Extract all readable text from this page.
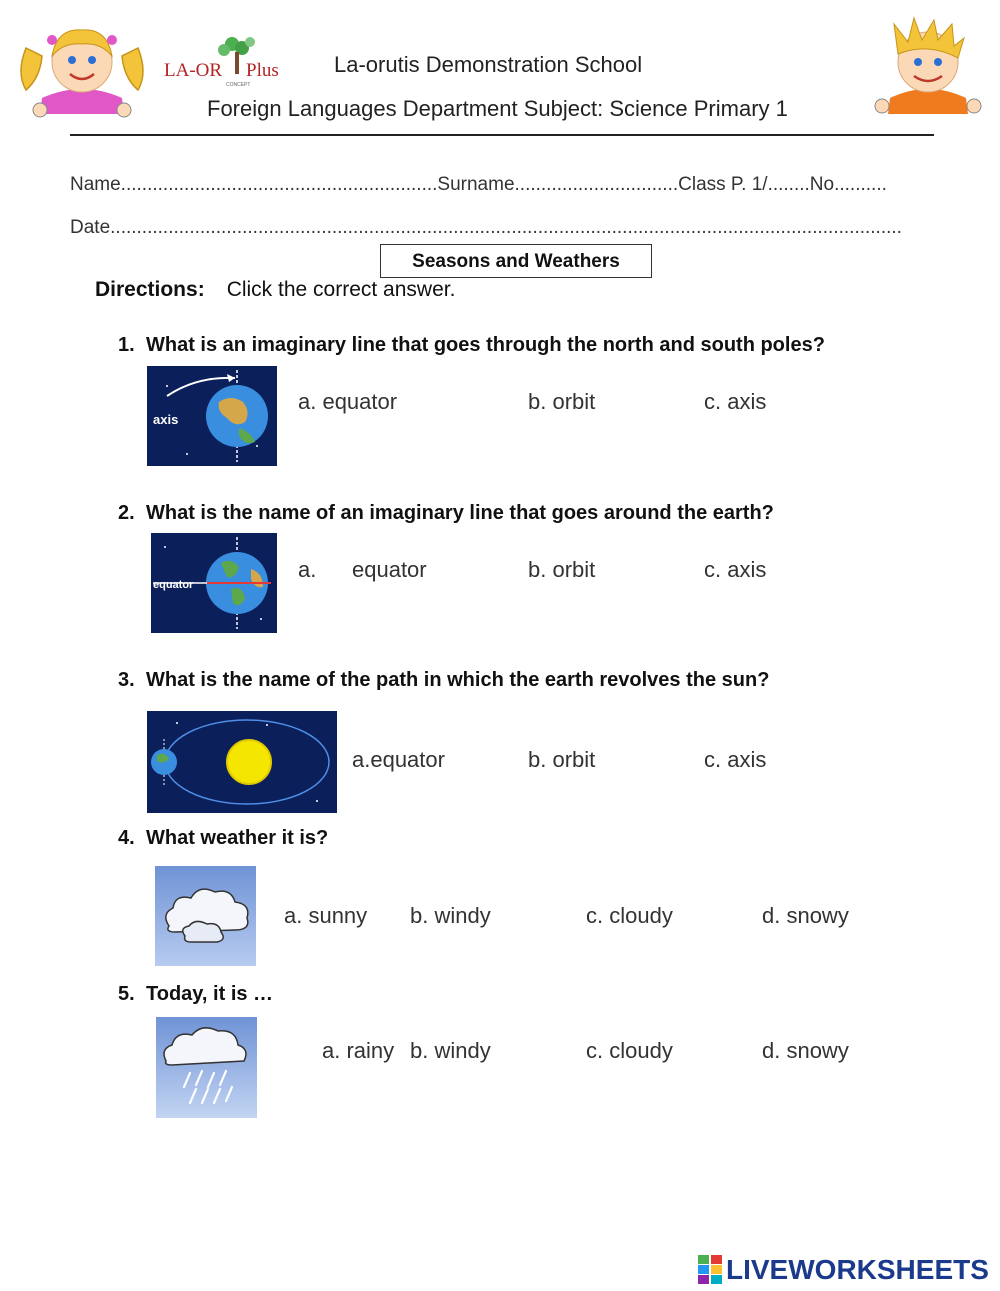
LA-OR Plus
CONCEPT
La-orutis Demonstration School
Foreign Languages Department Subject: Science Primary 1
Name............................................................Surname...............................Class P. 1/........No..........
Date......................................................................................................................................................
Seasons and Weathers
Directions: Click the correct answer.
1. What is an imaginary line that goes through the north and south poles?
axis
a. equator	b. orbit	c. axis
2. What is the name of an imaginary line that goes around the earth?
equator
a. equator	b. orbit	c. axis
3. What is the name of the path in which the earth revolves the sun?
a.equator	b. orbit	c. axis
4. What weather it is?
a. sunny b. windy	c. cloudy	d. snowy
5. Today, it is …
a. rainy b. windy	c. cloudy	d. snowy
LIVEWORKSHEETS
